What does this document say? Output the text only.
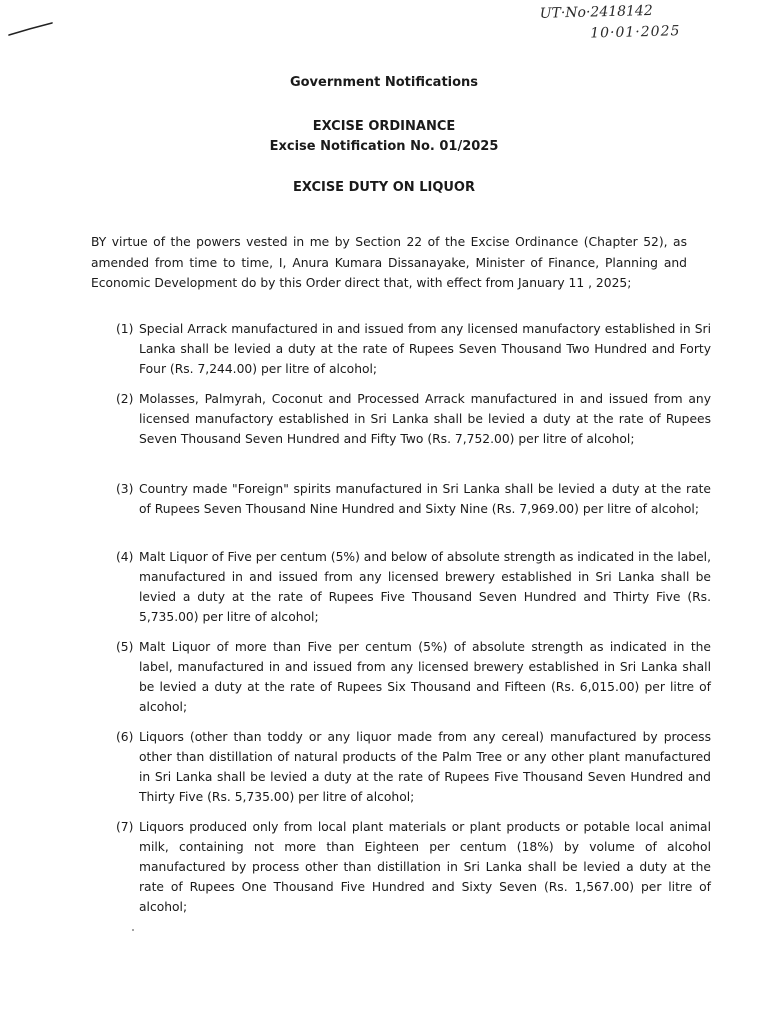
UT·No·2418142
10·01·2025
Government Notifications
EXCISE ORDINANCE
Excise Notification No. 01/2025
EXCISE DUTY ON LIQUOR
BY virtue of the powers vested in me by Section 22 of the Excise Ordinance (Chapter 52), as amended from time to time, I, Anura Kumara Dissanayake, Minister of Finance, Planning and Economic Development do by this Order direct that, with effect from January 11 , 2025;
(1) Special Arrack manufactured in and issued from any licensed manufactory established in Sri Lanka shall be levied a duty at the rate of Rupees Seven Thousand Two Hundred and Forty Four (Rs. 7,244.00) per litre of alcohol;
(2) Molasses, Palmyrah, Coconut and Processed Arrack manufactured in and issued from any licensed manufactory established in Sri Lanka shall be levied a duty at the rate of Rupees Seven Thousand Seven Hundred and Fifty Two (Rs. 7,752.00) per litre of alcohol;
(3) Country made "Foreign" spirits manufactured in Sri Lanka shall be levied a duty at the rate of Rupees Seven Thousand Nine Hundred and Sixty Nine (Rs. 7,969.00) per litre of alcohol;
(4) Malt Liquor of Five per centum (5%) and below of absolute strength as indicated in the label, manufactured in and issued from any licensed brewery established in Sri Lanka shall be levied a duty at the rate of Rupees Five Thousand Seven Hundred and Thirty Five (Rs. 5,735.00) per litre of alcohol;
(5) Malt Liquor of more than Five per centum (5%) of absolute strength as indicated in the label, manufactured in and issued from any licensed brewery established in Sri Lanka shall be levied a duty at the rate of Rupees Six Thousand and Fifteen (Rs. 6,015.00) per litre of alcohol;
(6) Liquors (other than toddy or any liquor made from any cereal) manufactured by process other than distillation of natural products of the Palm Tree or any other plant manufactured in Sri Lanka shall be levied a duty at the rate of Rupees Five Thousand Seven Hundred and Thirty Five (Rs. 5,735.00) per litre of alcohol;
(7) Liquors produced only from local plant materials or plant products or potable local animal milk, containing not more than Eighteen per centum (18%) by volume of alcohol manufactured by process other than distillation in Sri Lanka shall be levied a duty at the rate of Rupees One Thousand Five Hundred and Sixty Seven (Rs. 1,567.00) per litre of alcohol;
